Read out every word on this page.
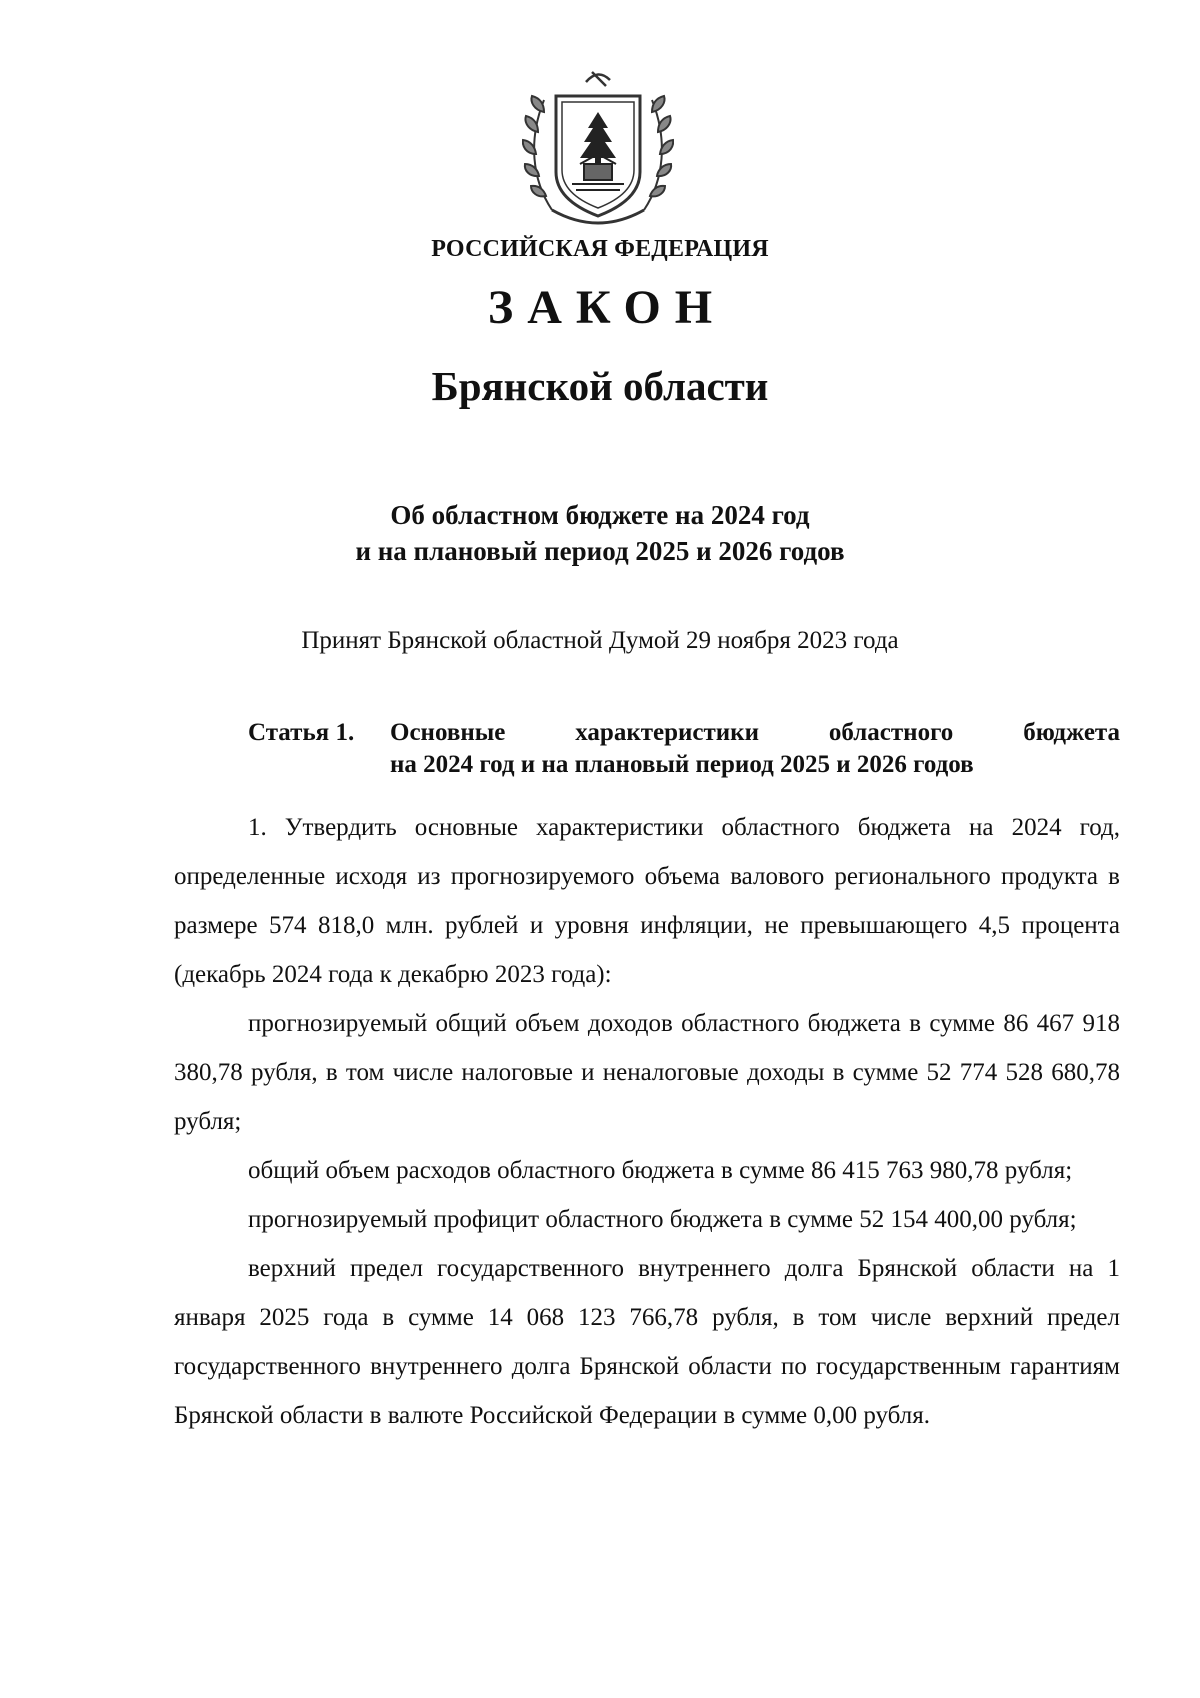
РОССИЙСКАЯ ФЕДЕРАЦИЯ
ЗАКОН
Брянской области
Об областном бюджете на 2024 год
и на плановый период 2025 и 2026 годов
Принят Брянской областной Думой 29 ноября 2023 года
Статья 1. Основные характеристики областного бюджета
на 2024 год и на плановый период 2025 и 2026 годов

1. Утвердить основные характеристики областного бюджета на 2024 год, определенные исходя из прогнозируемого объема валового регионального продукта в размере 574 818,0 млн. рублей и уровня инфляции, не превышающего 4,5 процента (декабрь 2024 года к декабрю 2023 года):

прогнозируемый общий объем доходов областного бюджета в сумме 86 467 918 380,78 рубля, в том числе налоговые и неналоговые доходы в сумме 52 774 528 680,78 рубля;

общий объем расходов областного бюджета в сумме 86 415 763 980,78 рубля;

прогнозируемый профицит областного бюджета в сумме 52 154 400,00 рубля;

верхний предел государственного внутреннего долга Брянской области на 1 января 2025 года в сумме 14 068 123 766,78 рубля, в том числе верхний предел государственного внутреннего долга Брянской области по государственным гарантиям Брянской области в валюте Российской Федерации в сумме 0,00 рубля.
